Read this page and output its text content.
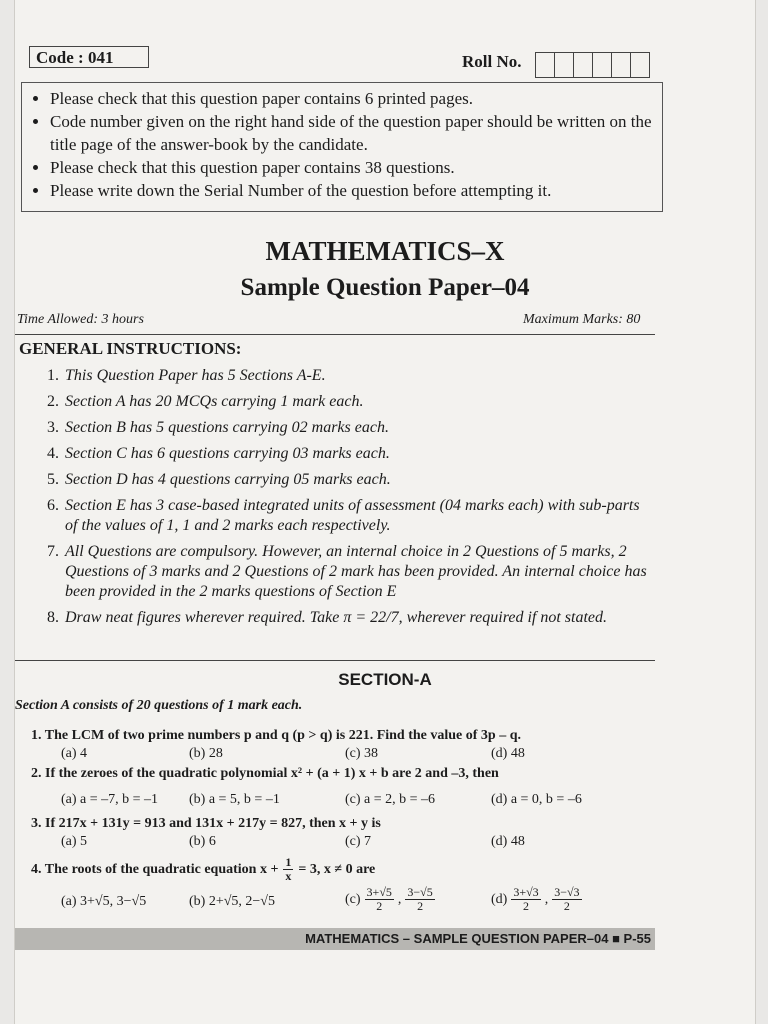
Code : 041	Roll No.
• Please check that this question paper contains 6 printed pages.
• Code number given on the right hand side of the question paper should be written on the title page of the answer-book by the candidate.
• Please check that this question paper contains 38 questions.
• Please write down the Serial Number of the question before attempting it.
MATHEMATICS–X
Sample Question Paper–04
Time Allowed: 3 hours	Maximum Marks: 80
GENERAL INSTRUCTIONS:
1. This Question Paper has 5 Sections A-E.
2. Section A has 20 MCQs carrying 1 mark each.
3. Section B has 5 questions carrying 02 marks each.
4. Section C has 6 questions carrying 03 marks each.
5. Section D has 4 questions carrying 05 marks each.
6. Section E has 3 case-based integrated units of assessment (04 marks each) with sub-parts of the values of 1, 1 and 2 marks each respectively.
7. All Questions are compulsory. However, an internal choice in 2 Questions of 5 marks, 2 Questions of 3 marks and 2 Questions of 2 mark has been provided. An internal choice has been provided in the 2 marks questions of Section E
8. Draw neat figures wherever required. Take π = 22/7, wherever required if not stated.
SECTION-A
Section A consists of 20 questions of 1 mark each.
1. The LCM of two prime numbers p and q (p > q) is 221. Find the value of 3p – q.
(a) 4	(b) 28	(c) 38	(d) 48
2. If the zeroes of the quadratic polynomial x² + (a + 1) x + b are 2 and –3, then
(a) a = –7, b = –1 (b) a = 5, b = –1	(c) a = 2, b = –6	(d) a = 0, b = –6
3. If 217x + 131y = 913 and 131x + 217y = 827, then x + y is
(a) 5	(b) 6	(c) 7	(d) 48
4. The roots of the quadratic equation $x + \frac{1}{x} = 3$, x ≠ 0 are
(a) 3+√5, 3−√5	(b) 2+√5, 2−√5	$(c) \frac{3+√5}{2}$ , $\frac{3-√5}{2}$	$(d) \frac{3+√3}{2}$ , $\frac{3-√3}{2}$
MATHEMATICS – SAMPLE QUESTION PAPER–04 ■ P-55
